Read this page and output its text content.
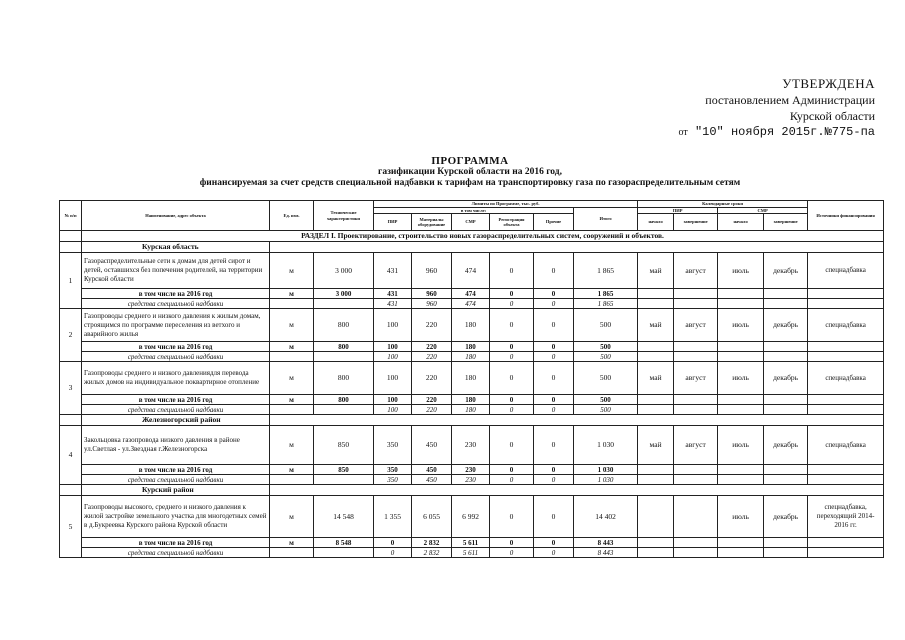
УТВЕРЖДЕНА
постановлением Администрации
Курской области
от "10" ноября 2015г.№775-па
ПРОГРАММА
газификации Курской области на 2016 год,
финансируемая за счет средств специальной надбавки к тарифам на транспортировку газа по газораспределительным сетям
№ п/п	Наименование, адрес объекта	Ед. изм.	Технические характеристики	Лимиты по Программе, тыс. руб.						Календарные сроки				Источники финансирования
				в том числе:					Итого	ПИР		СМР		
				ПИР	Материалы оборудование	СМР	Регистрация объекта	Прочие		начало	завершение	начало	завершение	
	РАЗДЕЛ I. Проектирование, строительство новых газораспределительных систем, сооружений и объектов.													
	Курская область													
1	Газораспределительные сети к домам для детей сирот и детей, оставшихся без попечения родителей, на территории Курской области	м	3 000	431	960	474	0	0	1 865	май	август	июль	декабрь	спецнадбавка
	в том числе на 2016 год	м	3 000	431	960	474	0	0	1 865					
	средства специальной надбавки			431	960	474	0	0	1 865					
2	Газопроводы среднего и низкого давления к жилым домам, строящимся по программе переселения из ветхого и аварийного жилья	м	800	100	220	180	0	0	500	май	август	июль	декабрь	спецнадбавка
	в том числе на 2016 год	м	800	100	220	180	0	0	500					
	средства специальной надбавки			100	220	180	0	0	500					
3	Газопроводы среднего и низкого давлениядля перевода жилых домов на индивидуальное поквартирное отопление	м	800	100	220	180	0	0	500	май	август	июль	декабрь	спецнадбавка
	в том числе на 2016 год	м	800	100	220	180	0	0	500					
	средства специальной надбавки			100	220	180	0	0	500					
	Железногорский район													
4	Закольцовка газопровода низкого давления в районе ул.Светлая - ул.Звездная г.Железногорска	м	850	350	450	230	0	0	1 030	май	август	июль	декабрь	спецнадбавка
	в том числе на 2016 год	м	850	350	450	230	0	0	1 030					
	средства специальной надбавки			350	450	230	0	0	1 030					
	Курский район													
5	Газопроводы высокого, среднего и низкого давления к жилой застройке земельного участка для многодетных семей в д.Букреевка Курского района Курской области	м	14 548	1 355	6 055	6 992	0	0	14 402			июль	декабрь	спецнадбавка, переходящий 2014-2016 гг.
	в том числе на 2016 год	м	8 548	0	2 832	5 611	0	0	8 443					
	средства специальной надбавки			0	2 832	5 611	0	0	8 443					
